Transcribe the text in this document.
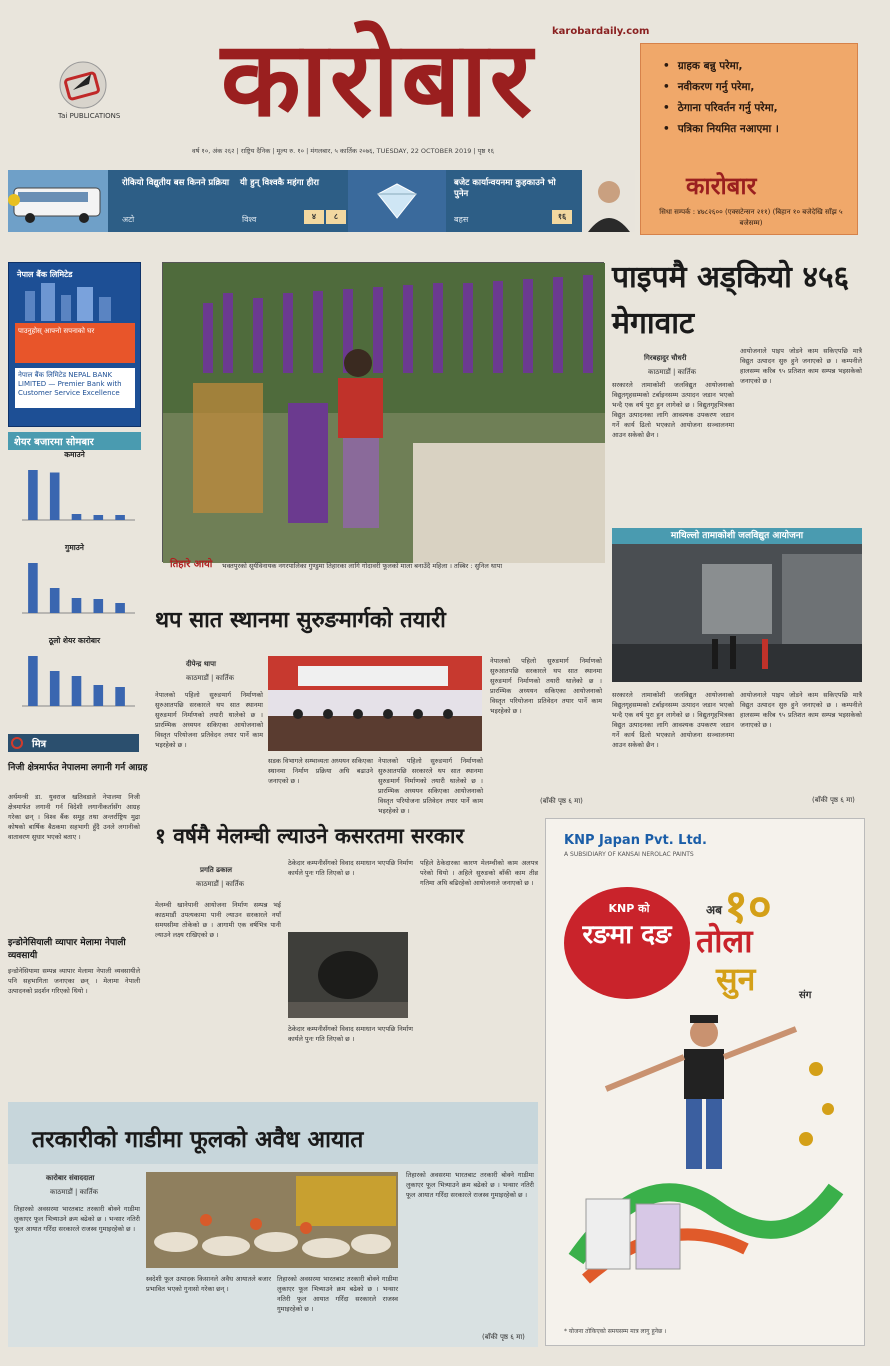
Tai PUBLICATIONS कारोबार	karobardaily.com
वर्ष १०, अंक २६२ | राष्ट्रिय दैनिक | मूल्य रु. १० | मंगलबार, ५ कार्तिक २०७६, TUESDAY, 22 OCTOBER 2019 | पृष्ठ १६
• ग्राहक बन्नु परेमा,
• नवीकरण गर्नु परेमा,
• ठेगाना परिवर्तन गर्नु परेमा,
• पत्रिका नियमित नआएमा ।
कारोबार
सिधा सम्पर्क : ४७८२६०० (एक्सटेन्सन २११) (बिहान १० बजेदेखि साँझ ५ बजेसम्म)
रोकियो विद्युतीय बस किनने प्रक्रिया
अटो	४
यी हुन् विश्वकै महंगा हीरा
विश्व	८
बजेट कार्यान्वयनमा कुहकाउने भो पुनेन
बहस	१६
नेपाल बैंक लिमिटेड
पाउनुहोस् आफ्नो सपनाको घर
नेपाल बैंक लिमिटेड NEPAL BANK LIMITED — Premier Bank with Customer Service Excellence
शेयर बजारमा सोमबार
कमाउने
गुमाउने
ठूलो शेयर कारोबार
तिहारे आयो	भक्तपुरको सूर्यविनायक नगरपालिका गुण्डुमा तिहारका लागि गोदावरी फूलको माला बनाउँदै महिला । तस्बिर : सुनिल थापा
पाइपमै अड्कियो ४५६ मेगावाट
गिरबहादुर चौधरी
काठमाडौं | कार्तिक
सरकारले तामाकोशी जलविद्युत आयोजनाको विद्युतगृहसम्मको टर्बाइनसम्म उत्पादन जडान भएको भन्दै एक वर्ष पुरा हुन लागेको छ । विद्युतगृहभित्रका विद्युत उत्पादनका लागि आवश्यक उपकरण जडान गर्ने कार्य ढिलो भएकाले आयोजना सञ्चालनमा आउन सकेको छैन ।
आयोजनाले पाइप जोडने काम सकिएपछि मात्रै विद्युत उत्पादन सुरु हुने जनाएको छ । कम्पनीले हालसम्म करिब ९५ प्रतिशत काम सम्पन्न भइसकेको जनाएको छ ।
माथिल्लो तामाकोशी जलविद्युत आयोजना
सरकारले तामाकोशी जलविद्युत आयोजनाको विद्युतगृहसम्मको टर्बाइनसम्म उत्पादन जडान भएको भन्दै एक वर्ष पुरा हुन लागेको छ । विद्युतगृहभित्रका विद्युत उत्पादनका लागि आवश्यक उपकरण जडान गर्ने कार्य ढिलो भएकाले आयोजना सञ्चालनमा आउन सकेको छैन ।
आयोजनाले पाइप जोडने काम सकिएपछि मात्रै विद्युत उत्पादन सुरु हुने जनाएको छ । कम्पनीले हालसम्म करिब ९५ प्रतिशत काम सम्पन्न भइसकेको जनाएको छ ।
(बाँकी पृष्ठ ६ मा)
थप सात स्थानमा सुरुङमार्गको तयारी
दीपेन्द्र थापा
काठमाडौं | कार्तिक
नेपालको पहिलो सुरुङमार्ग निर्माणको सुरुआतपछि सरकारले थप सात स्थानमा सुरुङमार्ग निर्माणको तयारी थालेको छ । प्रारम्भिक अध्ययन सकिएका आयोजनाको विस्तृत परियोजना प्रतिवेदन तयार पार्ने काम भइरहेको छ ।
सडक विभागले सम्भाव्यता अध्ययन सकिएका स्थानमा निर्माण प्रक्रिया अघि बढाउने जनाएको छ ।
नेपालको पहिलो सुरुङमार्ग निर्माणको सुरुआतपछि सरकारले थप सात स्थानमा सुरुङमार्ग निर्माणको तयारी थालेको छ । प्रारम्भिक अध्ययन सकिएका आयोजनाको विस्तृत परियोजना प्रतिवेदन तयार पार्ने काम भइरहेको छ ।
नेपालको पहिलो सुरुङमार्ग निर्माणको सुरुआतपछि सरकारले थप सात स्थानमा सुरुङमार्ग निर्माणको तयारी थालेको छ । प्रारम्भिक अध्ययन सकिएका आयोजनाको विस्तृत परियोजना प्रतिवेदन तयार पार्ने काम भइरहेको छ ।
(बाँकी पृष्ठ ६ मा)
मित्र
निजी क्षेत्रमार्फत नेपालमा लगानी गर्न आग्रह
अर्थमन्त्री डा. युवराज खतिवडाले नेपालमा निजी क्षेत्रमार्फत लगानी गर्न विदेशी लगानीकर्तासँग आग्रह गरेका छन् । विश्व बैंक समूह तथा अन्तर्राष्ट्रिय मुद्रा कोषको बार्षिक बैठकमा सहभागी हुँदै उनले लगानीको वातावरण सुधार भएको बताए ।
इन्डोनेसियाली व्यापार मेलामा नेपाली व्यवसायी
इन्डोनेसियामा सम्पन्न व्यापार मेलामा नेपाली व्यवसायीले पनि सहभागिता जनाएका छन् । मेलामा नेपाली उत्पादनको प्रदर्शन गरिएको थियो ।
१ वर्षमै मेलम्ची ल्याउने कसरतमा सरकार
प्रगति ढकाल
काठमाडौं | कार्तिक
मेलम्ची खानेपानी आयोजना निर्माण सम्पन्न भई काठमाडौं उपत्यकामा पानी ल्याउन सरकारले नयाँ समयसीमा तोकेको छ । आगामी एक वर्षभित्र पानी ल्याउने लक्ष्य राखिएको छ ।
ठेकेदार कम्पनीसँगको विवाद समाधान भएपछि निर्माण कार्यले पुनः गति लिएको छ ।
ठेकेदार कम्पनीसँगको विवाद समाधान भएपछि निर्माण कार्यले पुनः गति लिएको छ ।
पहिले ठेकेदारका कारण मेलम्चीको काम अलपत्र परेको थियो । अहिले सुरुङको बाँकी काम तीव्र गतिमा अघि बढिरहेको आयोजनाले जनाएको छ ।
KNP Japan Pvt. Ltd.
A SUBSIDIARY OF KANSAI NEROLAC PAINTS
KNP को
रङमा दङ
अब १०
तोला
सुन	संग
* योजना तोकिएको समयसम्म मात्र लागु हुनेछ ।
तरकारीको गाडीमा फूलको अवैध आयात
कारोबार संवाददाता
काठमाडौं | कार्तिक
तिहारको अवसरमा भारतबाट तरकारी बोक्ने गाडीमा लुकाएर फूल भित्र्याउने क्रम बढेको छ । भन्सार नतिरी फूल आयात गरिँदा सरकारले राजस्व गुमाइरहेको छ ।
स्वदेशी फूल उत्पादक किसानले अवैध आयातले बजार प्रभावित भएको गुनासो गरेका छन् ।
तिहारको अवसरमा भारतबाट तरकारी बोक्ने गाडीमा लुकाएर फूल भित्र्याउने क्रम बढेको छ । भन्सार नतिरी फूल आयात गरिँदा सरकारले राजस्व गुमाइरहेको छ ।
तिहारको अवसरमा भारतबाट तरकारी बोक्ने गाडीमा लुकाएर फूल भित्र्याउने क्रम बढेको छ । भन्सार नतिरी फूल आयात गरिँदा सरकारले राजस्व गुमाइरहेको छ ।
(बाँकी पृष्ठ ६ मा)
